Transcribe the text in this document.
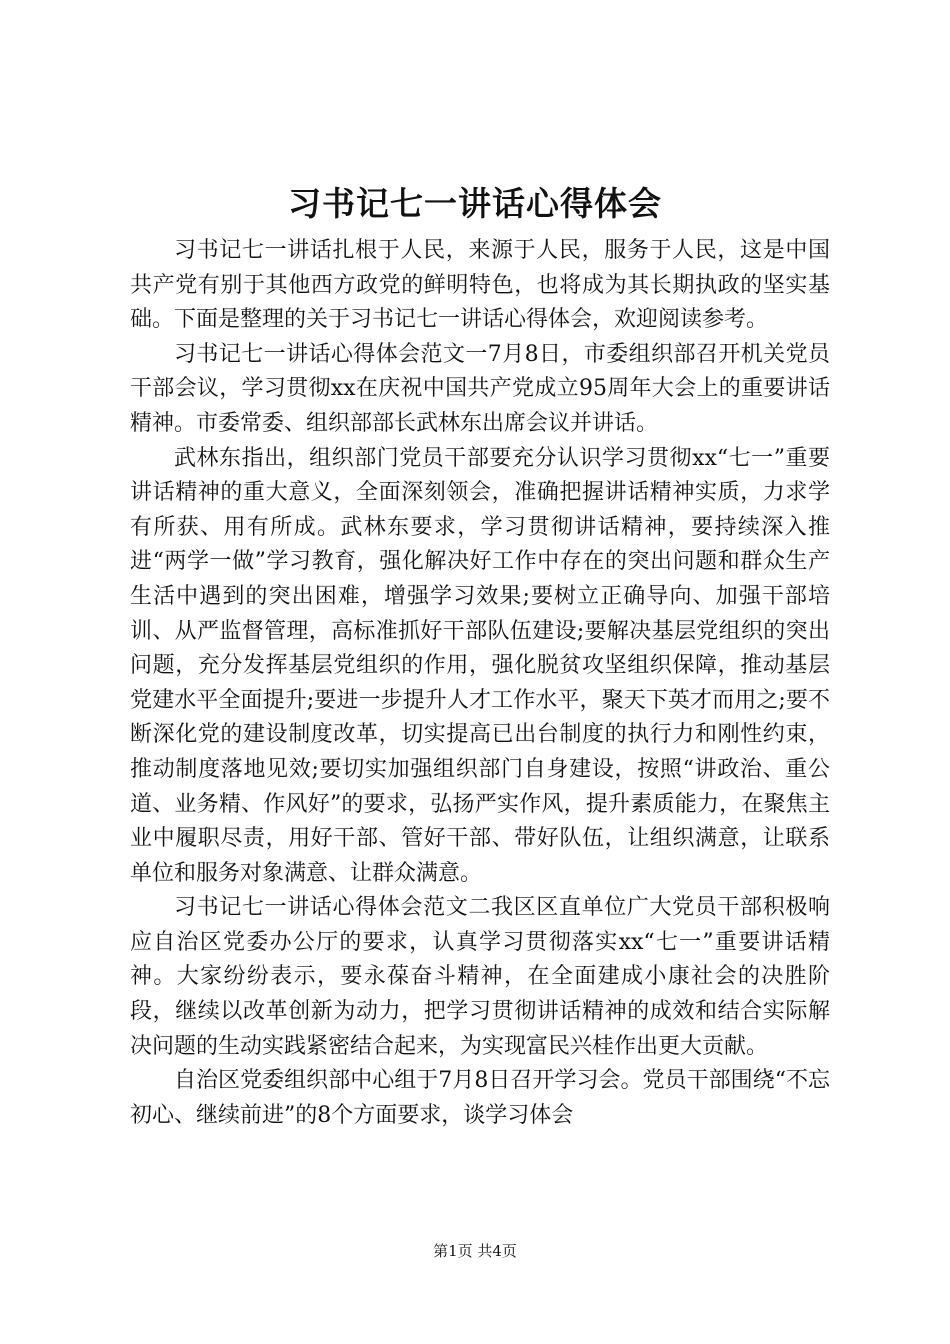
习书记七一讲话心得体会

习书记七一讲话扎根于人民，来源于人民，服务于人民，这是中国共产党有别于其他西方政党的鲜明特色，也将成为其长期执政的坚实基础。下面是整理的关于习书记七一讲话心得体会，欢迎阅读参考。

习书记七一讲话心得体会范文一7月8日，市委组织部召开机关党员干部会议，学习贯彻xx在庆祝中国共产党成立95周年大会上的重要讲话精神。市委常委、组织部部长武林东出席会议并讲话。

武林东指出，组织部门党员干部要充分认识学习贯彻xx“七一”重要讲话精神的重大意义，全面深刻领会，准确把握讲话精神实质，力求学有所获、用有所成。武林东要求，学习贯彻讲话精神，要持续深入推进“两学一做”学习教育，强化解决好工作中存在的突出问题和群众生产生活中遇到的突出困难，增强学习效果;要树立正确导向、加强干部培训、从严监督管理，高标准抓好干部队伍建设;要解决基层党组织的突出问题，充分发挥基层党组织的作用，强化脱贫攻坚组织保障，推动基层党建水平全面提升;要进一步提升人才工作水平，聚天下英才而用之;要不断深化党的建设制度改革，切实提高已出台制度的执行力和刚性约束，推动制度落地见效;要切实加强组织部门自身建设，按照“讲政治、重公道、业务精、作风好”的要求，弘扬严实作风，提升素质能力，在聚焦主业中履职尽责，用好干部、管好干部、带好队伍，让组织满意，让联系单位和服务对象满意、让群众满意。

习书记七一讲话心得体会范文二我区区直单位广大党员干部积极响应自治区党委办公厅的要求，认真学习贯彻落实xx“七一”重要讲话精神。大家纷纷表示，要永葆奋斗精神，在全面建成小康社会的决胜阶段，继续以改革创新为动力，把学习贯彻讲话精神的成效和结合实际解决问题的生动实践紧密结合起来，为实现富民兴桂作出更大贡献。

自治区党委组织部中心组于7月8日召开学习会。党员干部围绕“不忘初心、继续前进”的8个方面要求，谈学习体会

第1页 共4页
